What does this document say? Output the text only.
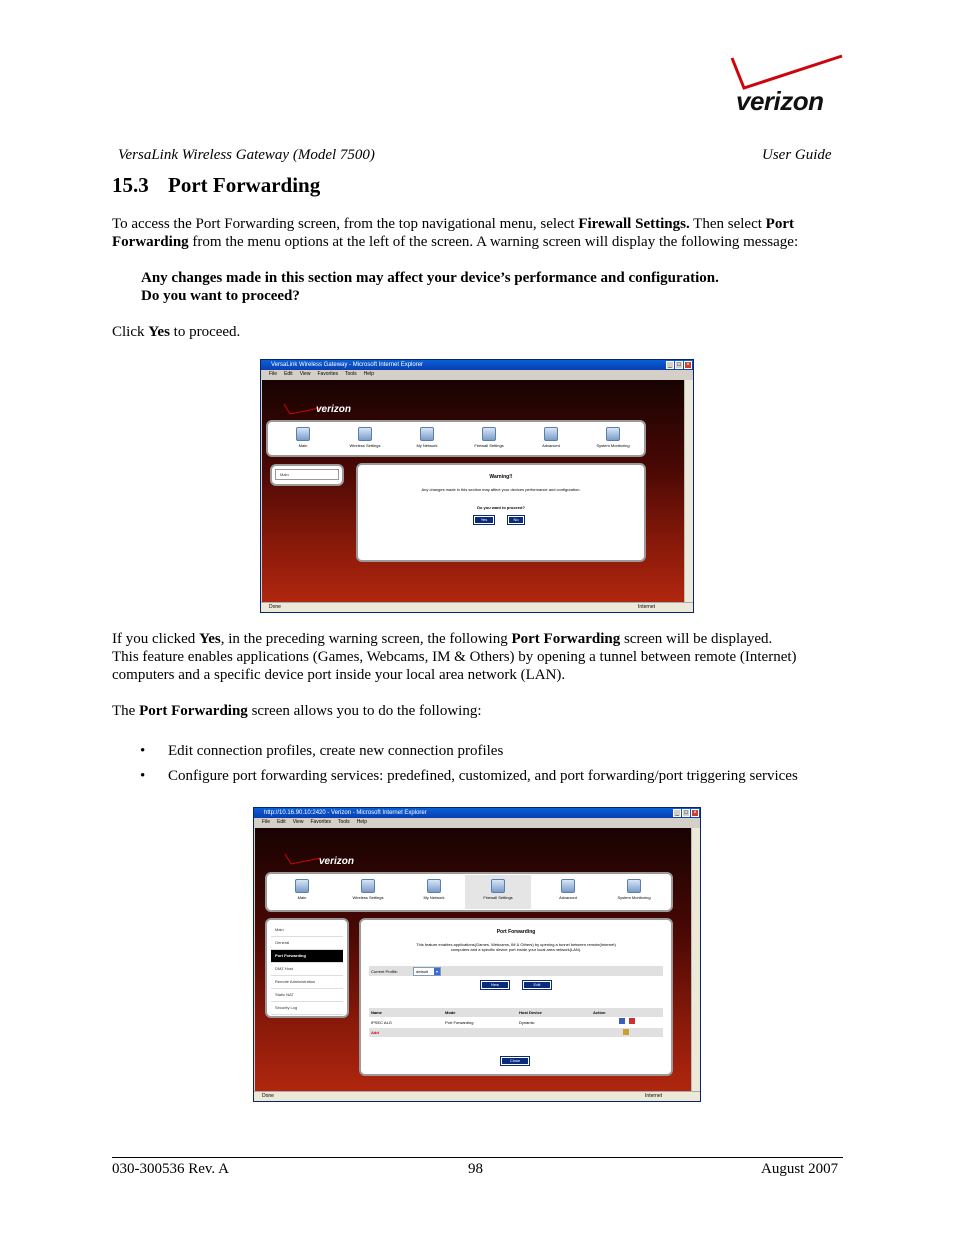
verizon
VersaLink Wireless Gateway (Model 7500)	User Guide
15.3 Port Forwarding
To access the Port Forwarding screen, from the top navigational menu, select Firewall Settings. Then select Port
Forwarding from the menu options at the left of the screen. A warning screen will display the following message:
Any changes made in this section may affect your device’s performance and configuration.
Do you want to proceed?
Click Yes to proceed.
VersaLink Wireless Gateway - Microsoft Internet Explorer	_ □ ×
File Edit View Favorites Tools Help
verizon
Main	Wireless Settings	My Network	Firewall Settings	Advanced	System Monitoring
Main	Warning!!
Any changes made in this section may affect your devices performance and configuration.
Do you want to proceed?
Yes	No
Done	Internet
If you clicked Yes, in the preceding warning screen, the following Port Forwarding screen will be displayed.
This feature enables applications (Games, Webcams, IM & Others) by opening a tunnel between remote (Internet)
computers and a specific device port inside your local area network (LAN).
The Port Forwarding screen allows you to do the following:
• Edit connection profiles, create new connection profiles
• Configure port forwarding services: predefined, customized, and port forwarding/port triggering services
http://10.16.90.10:2420 - Verizon - Microsoft Internet Explorer	_ □ ×
File Edit View Favorites Tools Help
verizon
Main	Wireless Settings	My Network	Firewall Settings	Advanced	System Monitoring
Main
General
Port Forwarding
DMZ Host
Remote Administration
Static NAT
Security Log
Port Forwarding
This feature enables applications(Games, Webcams, IM & Others) by opening a tunnel between remote(Internet)
computers and a specific device port inside your local area network(LAN).
Current Profile:	default	▾
New	Edit
Name	Mode	Host Device	Action
IPSEC ALG	Port Forwarding	Dynamic
Add
Close
Done	Internet
030-300536 Rev. A	98	August 2007
